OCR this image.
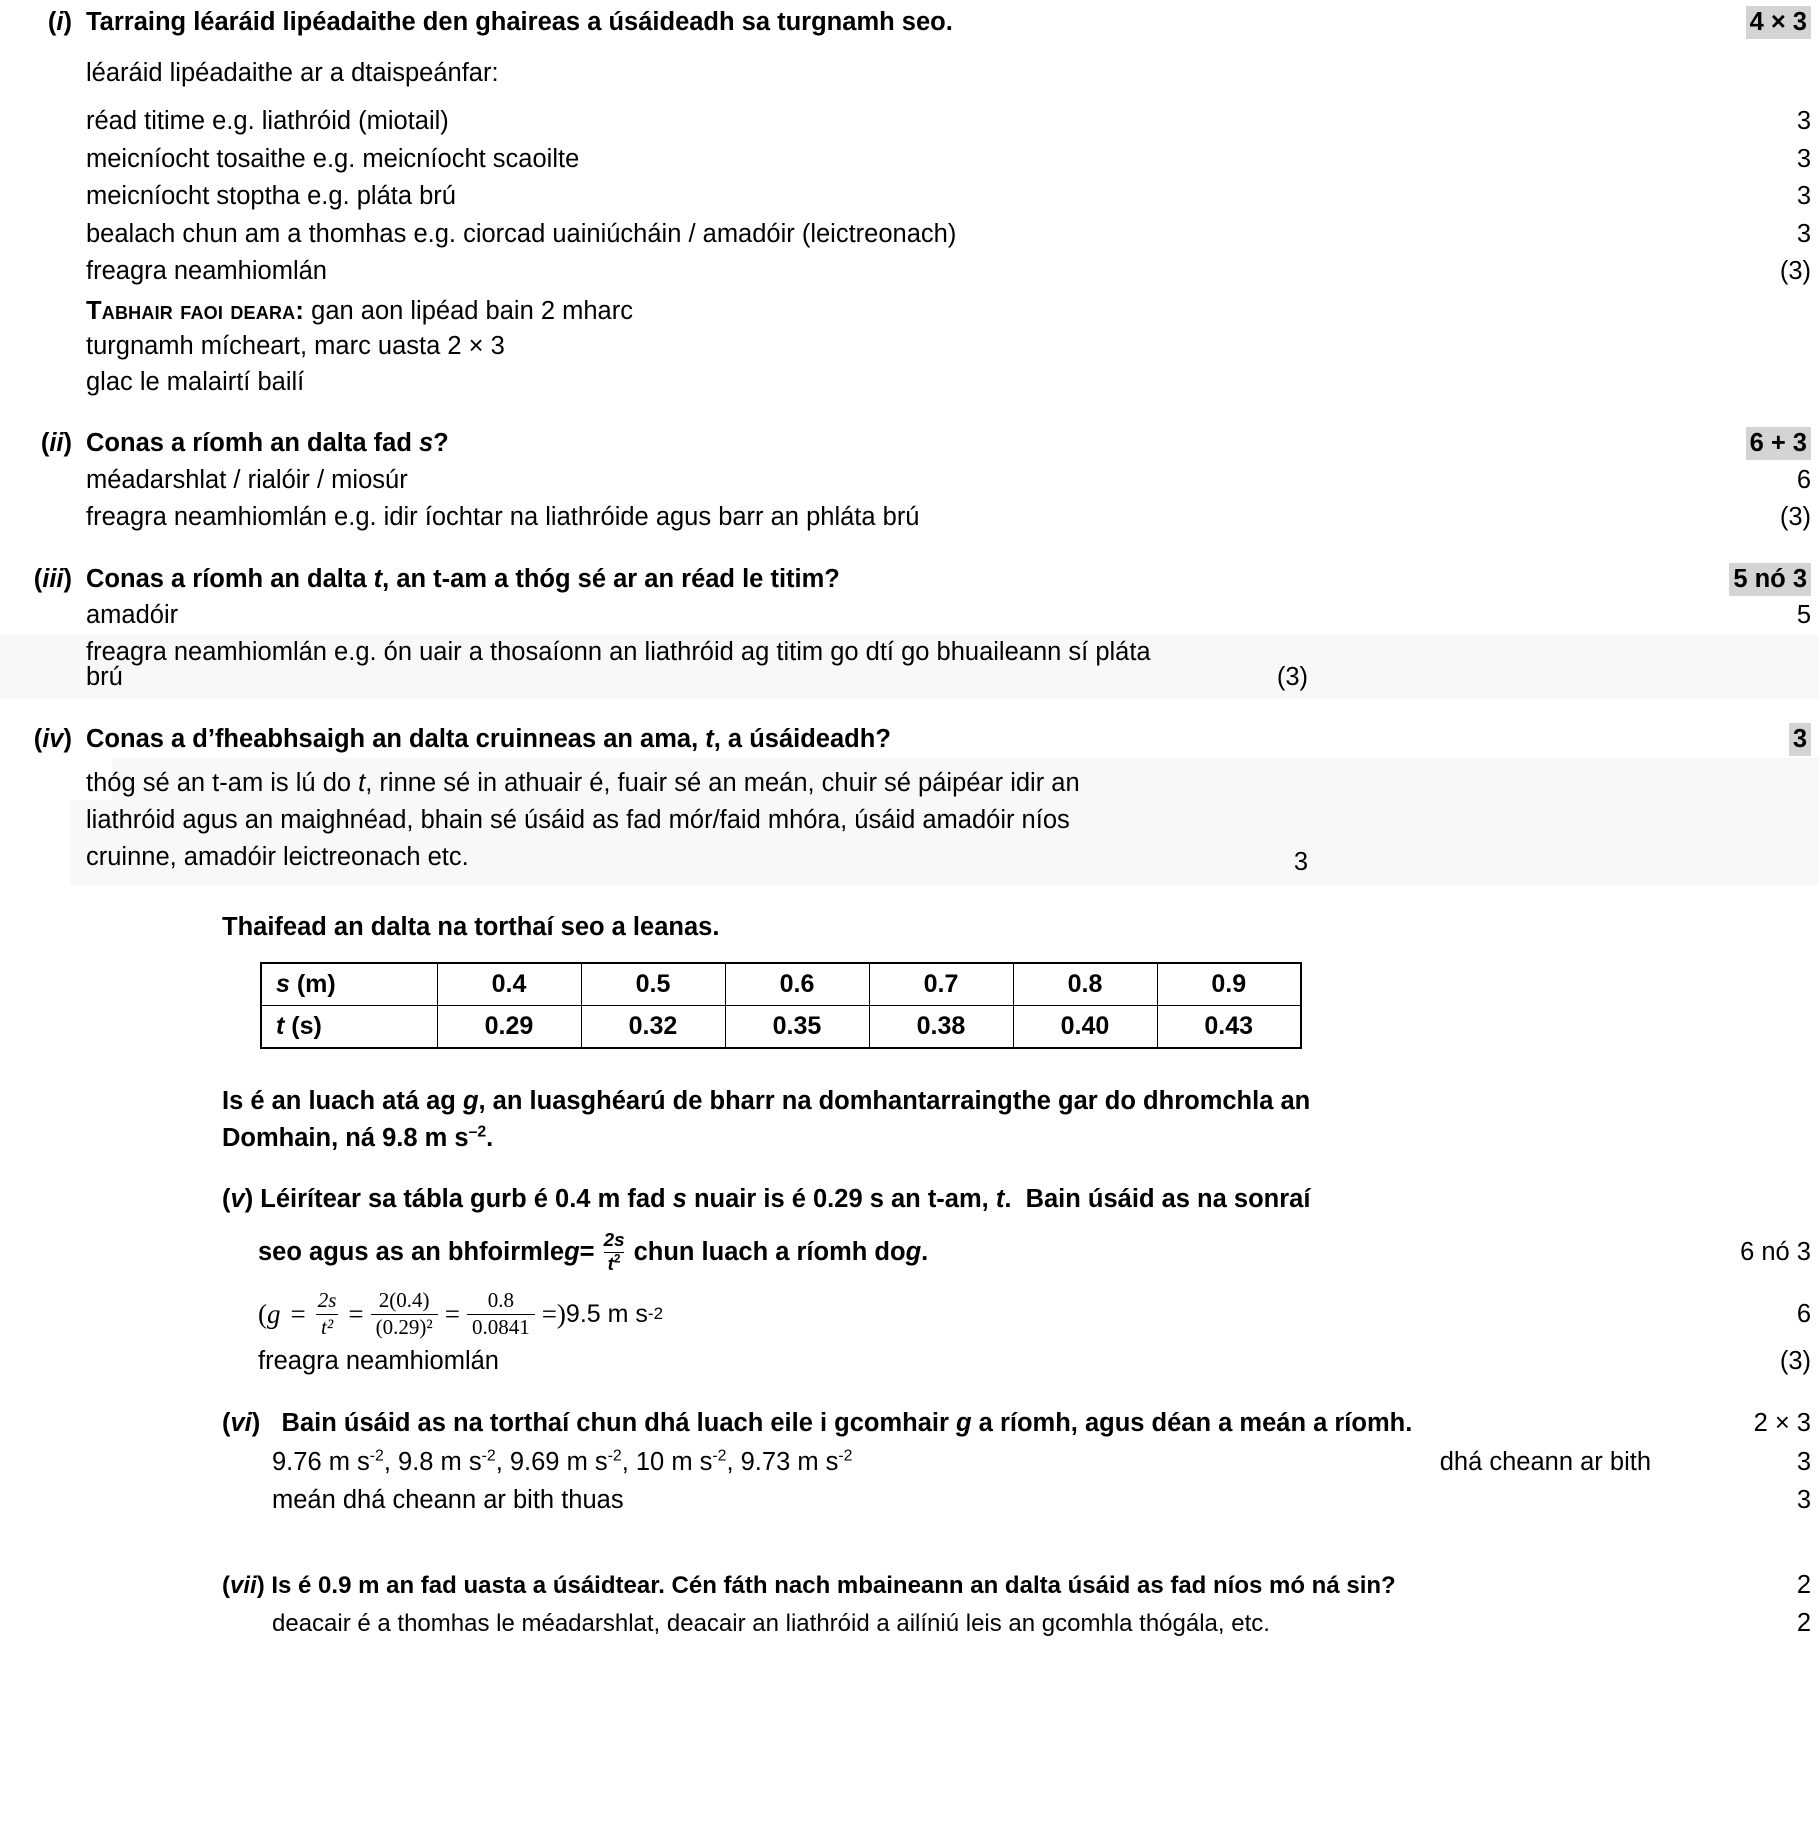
(i) Tarraing léaráid lipéadaithe den ghaireas a úsáideadh sa turgnamh seo.	4 × 3
léaráid lipéadaithe ar a dtaispeánfar:
réad titime e.g. liathróid (miotail)	3
meicníocht tosaithe e.g. meicníocht scaoilte	3
meicníocht stoptha e.g. pláta brú	3
bealach chun am a thomhas e.g. ciorcad uainiúcháin / amadóir (leictreonach)	3
freagra neamhiomlán	(3)
Tabhair faoi deara: gan aon lipéad bain 2 mharc
turgnamh mícheart, marc uasta 2 × 3
glac le malairtí bailí
(ii) Conas a ríomh an dalta fad s?	6 + 3
méadarshlat / rialóir / miosúr	6
freagra neamhiomlán e.g. idir íochtar na liathróide agus barr an phláta brú	(3)
(iii) Conas a ríomh an dalta t, an t-am a thóg sé ar an réad le titim?	5 nó 3
amadóir	5
freagra neamhiomlán e.g. ón uair a thosaíonn an liathróid ag titim go dtí go bhuaileann sí pláta brú	(3)
(iv) Conas a d’fheabhsaigh an dalta cruinneas an ama, t, a úsáideadh?	3
thóg sé an t-am is lú do t, rinne sé in athuair é, fuair sé an meán, chuir sé páipéar idir an liathróid agus an maighnéad, bhain sé úsáid as fad mór/faid mhóra, úsáid amadóir níos cruinne, amadóir leictreonach etc.	3
Thaifead an dalta na torthaí seo a leanas.
s (m)	0.4	0.5	0.6	0.7	0.8	0.9
t (s)	0.29	0.32	0.35	0.38	0.40	0.43
Is é an luach atá ag g, an luasghéarú de bharr na domhantarraingthe gar do dhromchla an Domhain, ná 9.8 m $s^{-2}$.
(v) Léirítear sa tábla gurb é 0.4 m fad s nuair is é 0.29 s an t-am, t.  Bain úsáid as na sonraí
seo agus as an bhfoirmle $g = \frac{2s}{t^2}$ chun luach a ríomh do g .	6 nó 3
( $g = \frac{2s}{\text{t²}} = \frac{2(0.4)}{\text{(0.29)²}} = \frac{0.8}{0.0841}$ = ) 9.5 m s -2	6
freagra neamhiomlán	(3)
(vi)   Bain úsáid as na torthaí chun dhá luach eile i gcomhair g a ríomh, agus déan a meán a ríomh.	2 × 3
9.76 m $s^{-2}$, 9.8 m $s^{-2}$, 9.69 m $s^{-2}$, 10 m $s^{-2}$, 9.73 m $s^{-2}$	dhá cheann ar bith	3
meán dhá cheann ar bith thuas	3
(vii) Is é 0.9 m an fad uasta a úsáidtear. Cén fáth nach mbaineann an dalta úsáid as fad níos mó ná sin?	2
deacair é a thomhas le méadarshlat, deacair an liathróid a ailíniú leis an gcomhla thógála, etc.	2
